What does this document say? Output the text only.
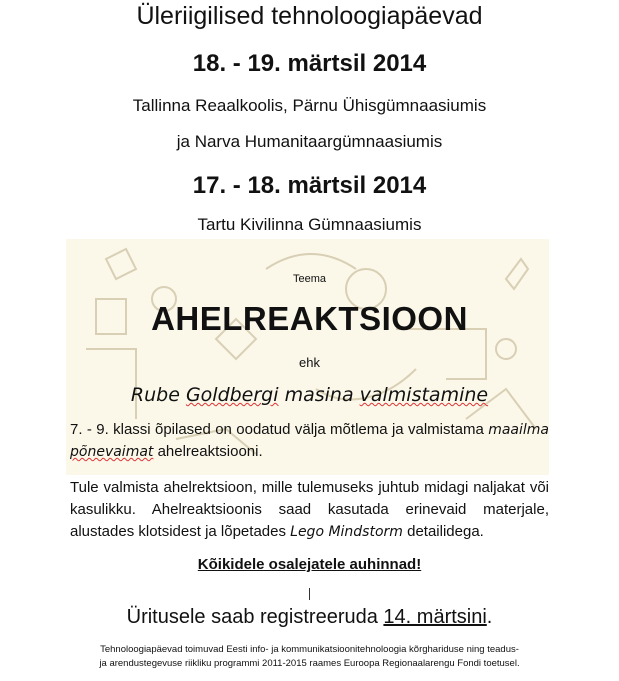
Üleriigilised tehnoloogiapäevad
18. - 19. märtsil 2014
Tallinna Reaalkoolis, Pärnu Ühisgümnaasiumis
ja Narva Humanitaargümnaasiumis
17. - 18. märtsil 2014
Tartu Kivilinna Gümnaasiumis
Teema
AHELREAKTSIOON
ehk
Rube Goldbergi masina valmistamine
7. - 9. klassi õpilased on oodatud välja mõtlema ja valmistama maailma põnevaimat ahelreaktsiooni.
Tule valmista ahelrektsioon, mille tulemuseks juhtub midagi naljakat või kasulikku. Ahelreaktsioonis saad kasutada erinevaid materjale, alustades klotsidest ja lõpetades Lego Mindstorm detailidega.
Kõikidele osalejatele auhinnad!
Üritusele saab registreeruda 14. märtsini.
Tehnoloogiapäevad toimuvad Eesti info- ja kommunikatsioonitehnoloogia kõrghariduse ning teadus-
ja arendustegevuse riikliku programmi 2011-2015 raames Euroopa Regionaalarengu Fondi toetusel.
